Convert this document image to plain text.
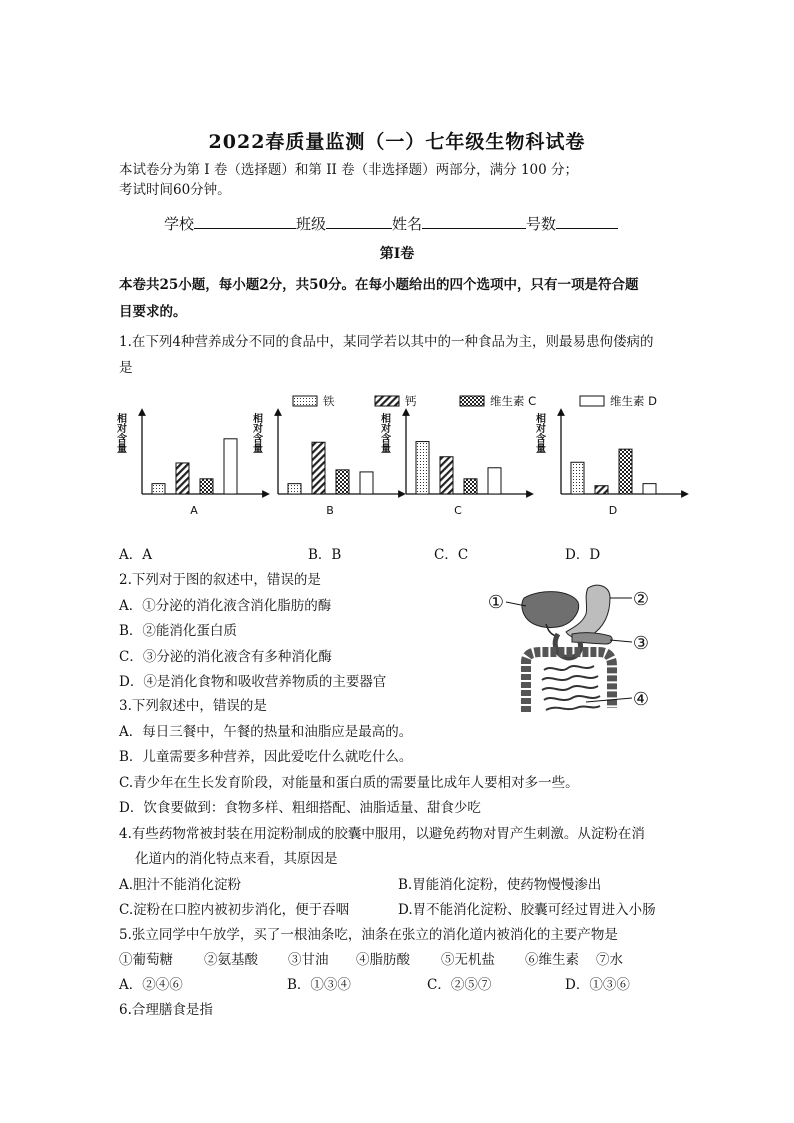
2022春质量监测（一）七年级生物科试卷
本试卷分为第 I 卷（选择题）和第 II 卷（非选择题）两部分，满分 100 分；
考试时间60分钟。
学校	班级	姓名	号数
第Ⅰ卷
本卷共25小题，每小题2分，共50分。在每小题给出的四个选项中，只有一项是符合题
目要求的。
1.在下列4种营养成分不同的食品中，某同学若以其中的一种食品为主，则最易患佝偻病的
是
铁	钙	维生素 C	维生素 D
相
对
含
量
A
相
对
含
量
B
相
对
含
量
C
相
对
含
量
D
A．A	B．B	C．C	D．D
2.下列对于图的叙述中，错误的是
A．①分泌的消化液含消化脂肪的酶
B．②能消化蛋白质
C．③分泌的消化液含有多种消化酶
D．④是消化食物和吸收营养物质的主要器官
①	②
③
④
3.下列叙述中，错误的是
A．每日三餐中，午餐的热量和油脂应是最高的。
B．儿童需要多种营养，因此爱吃什么就吃什么。
C.青少年在生长发育阶段，对能量和蛋白质的需要量比成年人要相对多一些。
D．饮食要做到：食物多样、粗细搭配、油脂适量、甜食少吃
4.有些药物常被封装在用淀粉制成的胶囊中服用，以避免药物对胃产生刺激。从淀粉在消
化道内的消化特点来看，其原因是
A.胆汁不能消化淀粉	B.胃能消化淀粉，使药物慢慢渗出
C.淀粉在口腔内被初步消化，便于吞咽	D.胃不能消化淀粉、胶囊可经过胃进入小肠
5.张立同学中午放学，买了一根油条吃，油条在张立的消化道内被消化的主要产物是
①葡萄糖 ②氨基酸 ③甘油 ④脂肪酸 ⑤无机盐 ⑥维生素 ⑦水
A．②④⑥	B．①③④	C．②⑤⑦	D．①③⑥
6.合理膳食是指
